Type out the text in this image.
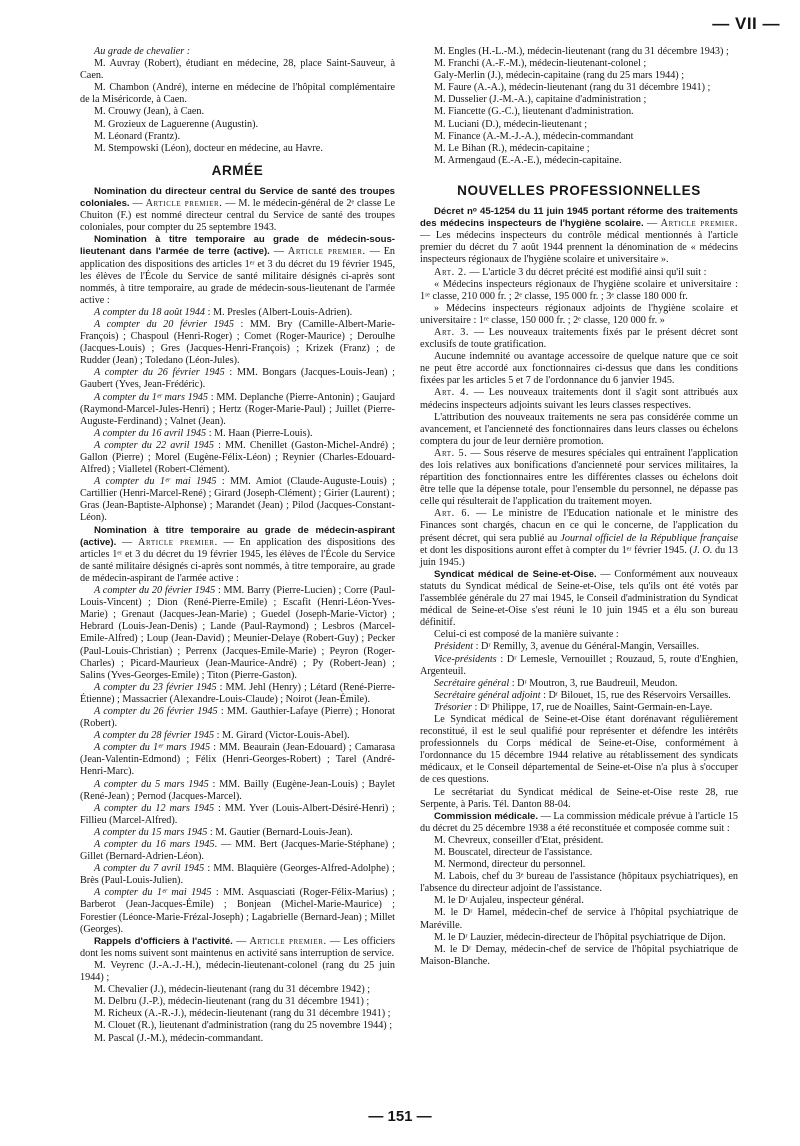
— VII —

Au grade de chevalier :

M. Auvray (Robert), étudiant en médecine, 28, place Saint-Sauveur, à Caen.

M. Chambon (André), interne en médecine de l'hôpital complémentaire de la Miséricorde, à Caen.

M. Crouwy (Jean), à Caen.

M. Grozieux de Laguerenne (Augustin).

M. Léonard (Frantz).

M. Stempowski (Léon), docteur en médecine, au Havre.

ARMÉE

Nomination du directeur central du Service de santé des troupes coloniales. — Article premier. — M. le médecin-général de 2ᵉ classe Le Chuiton (F.) est nommé directeur central du Service de santé des troupes coloniales, pour compter du 25 septembre 1943.

Nomination à titre temporaire au grade de médecin-sous-lieutenant dans l'armée de terre (active). — Article premier. — En application des dispositions des articles 1ᵉʳ et 3 du décret du 19 février 1945, les élèves de l'École du Service de santé militaire désignés ci-après sont nommés, à titre temporaire, au grade de médecin-sous-lieutenant de l'armée active :

A compter du 18 août 1944 : M. Presles (Albert-Louis-Adrien).

A compter du 20 février 1945 : MM. Bry (Camille-Albert-Marie-François) ; Chaspoul (Henri-Roger) ; Comet (Roger-Maurice) ; Deroulhe (Jacques-Louis) ; Gres (Jacques-Henri-François) ; Krizek (Franz) ; de Rudder (Jean) ; Toledano (Léon-Jules).

A compter du 26 février 1945 : MM. Bongars (Jacques-Louis-Jean) ; Gaubert (Yves, Jean-Frédéric).

A compter du 1ᵉʳ mars 1945 : MM. Deplanche (Pierre-Antonin) ; Gaujard (Raymond-Marcel-Jules-Henri) ; Hertz (Roger-Marie-Paul) ; Juillet (Pierre-Auguste-Ferdinand) ; Valnet (Jean).

A compter du 16 avril 1945 : M. Haan (Pierre-Louis).

A compter du 22 avril 1945 : MM. Chenillet (Gaston-Michel-André) ; Gallon (Pierre) ; Morel (Eugène-Félix-Léon) ; Reynier (Charles-Edouard-Alfred) ; Vialletel (Robert-Clément).

A compter du 1ᵉʳ mai 1945 : MM. Amiot (Claude-Auguste-Louis) ; Cartillier (Henri-Marcel-René) ; Girard (Joseph-Clément) ; Girier (Laurent) ; Gras (Jean-Baptiste-Alphonse) ; Marandet (Jean) ; Pilod (Jacques-Constant-Léon).

Nomination à titre temporaire au grade de médecin-aspirant (active). — Article premier. — En application des dispositions des articles 1ᵉʳ et 3 du décret du 19 février 1945, les élèves de l'École du Service de santé militaire désignés ci-après sont nommés, à titre temporaire, au grade de médecin-aspirant de l'armée active :

A compter du 20 février 1945 : MM. Barry (Pierre-Lucien) ; Corre (Paul-Louis-Vincent) ; Dion (René-Pierre-Emile) ; Escafit (Henri-Léon-Yves-Marie) ; Grenaut (Jacques-Jean-Marie) ; Guedel (Joseph-Marie-Victor) ; Hebrard (Louis-Jean-Denis) ; Lande (Paul-Raymond) ; Lesbros (Marcel-Emile-Alfred) ; Loup (Jean-David) ; Meunier-Delaye (Robert-Guy) ; Pecker (Paul-Louis-Christian) ; Perrenx (Jacques-Emile-Marie) ; Peyron (Roger-Charles) ; Picard-Maurieux (Jean-Maurice-André) ; Py (Robert-Jean) ; Salins (Yves-Georges-Emile) ; Titon (Pierre-Gaston).

A compter du 23 février 1945 : MM. Jehl (Henry) ; Létard (René-Pierre-Étienne) ; Massacrier (Alexandre-Louis-Claude) ; Noirot (Jean-Émile).

A compter du 26 février 1945 : MM. Gauthier-Lafaye (Pierre) ; Honorat (Robert).

A compter du 28 février 1945 : M. Girard (Victor-Louis-Abel).

A compter du 1ᵉʳ mars 1945 : MM. Beaurain (Jean-Edouard) ; Camarasa (Jean-Valentin-Edmond) ; Félix (Henri-Georges-Robert) ; Tarel (André-Henri-Marc).

A compter du 5 mars 1945 : MM. Bailly (Eugène-Jean-Louis) ; Baylet (René-Jean) ; Pernod (Jacques-Marcel).

A compter du 12 mars 1945 : MM. Yver (Louis-Albert-Désiré-Henri) ; Fillieu (Marcel-Alfred).

A compter du 15 mars 1945 : M. Gautier (Bernard-Louis-Jean).

A compter du 16 mars 1945. — MM. Bert (Jacques-Marie-Stéphane) ; Gillet (Bernard-Adrien-Léon).

A compter du 7 avril 1945 : MM. Blaquière (Georges-Alfred-Adolphe) ; Brès (Paul-Louis-Julien).

A compter du 1ᵉʳ mai 1945 : MM. Asquasciati (Roger-Félix-Marius) ; Barberot (Jean-Jacques-Émile) ; Bonjean (Michel-Marie-Maurice) ; Forestier (Léonce-Marie-Frézal-Joseph) ; Lagabrielle (Bernard-Jean) ; Millet (Georges).

Rappels d'officiers à l'activité. — Article premier. — Les officiers dont les noms suivent sont maintenus en activité sans interruption de service.

M. Veyrenc (J.-A.-J.-H.), médecin-lieutenant-colonel (rang du 25 juin 1944) ;

M. Chevalier (J.), médecin-lieutenant (rang du 31 décembre 1942) ;

M. Delbru (J.-P.), médecin-lieutenant (rang du 31 décembre 1941) ;

M. Richeux (A.-R.-J.), médecin-lieutenant (rang du 31 décembre 1941) ;

M. Clouet (R.), lieutenant d'administration (rang du 25 novembre 1944) ;

M. Pascal (J.-M.), médecin-commandant.

M. Engles (H.-L.-M.), médecin-lieutenant (rang du 31 décembre 1943) ;

M. Franchi (A.-F.-M.), médecin-lieutenant-colonel ;

Galy-Merlin (J.), médecin-capitaine (rang du 25 mars 1944) ;

M. Faure (A.-A.), médecin-lieutenant (rang du 31 décembre 1941) ;

M. Dusselier (J.-M.-A.), capitaine d'administration ;

M. Fiancette (G.-C.), lieutenant d'administration.

M. Luciani (D.), médecin-lieutenant ;

M. Finance (A.-M.-J.-A.), médecin-commandant

M. Le Bihan (R.), médecin-capitaine ;

M. Armengaud (E.-A.-E.), médecin-capitaine.

NOUVELLES PROFESSIONNELLES

Décret nᵒ 45-1254 du 11 juin 1945 portant réforme des traitements des médecins inspecteurs de l'hygiène scolaire. — Article premier. — Les médecins inspecteurs du contrôle médical mentionnés à l'article premier du décret du 7 août 1944 prennent la dénomination de « médecins inspecteurs régionaux de l'hygiène scolaire et universitaire ».

Art. 2. — L'article 3 du décret précité est modifié ainsi qu'il suit :

« Médecins inspecteurs régionaux de l'hygiène scolaire et universitaire : 1ʳᵉ classe, 210 000 fr. ; 2ᵉ classe, 195 000 fr. ; 3ᵉ classe 180 000 fr.

» Médecins inspecteurs régionaux adjoints de l'hygiène scolaire et universitaire : 1ʳᵉ classe, 150 000 fr. ; 2ᵉ classe, 120 000 fr. »

Art. 3. — Les nouveaux traitements fixés par le présent décret sont exclusifs de toute gratification.

Aucune indemnité ou avantage accessoire de quelque nature que ce soit ne peut être accordé aux fonctionnaires ci-dessus que dans les conditions fixées par les articles 5 et 7 de l'ordonnance du 6 janvier 1945.

Art. 4. — Les nouveaux traitements dont il s'agit sont attribués aux médecins inspecteurs adjoints suivant les leurs classes respectives.

L'attribution des nouveaux traitements ne sera pas considérée comme un avancement, et l'ancienneté des fonctionnaires dans leurs classes ou échelons comptera du jour de leur dernière promotion.

Art. 5. — Sous réserve de mesures spéciales qui entraînent l'application des lois relatives aux bonifications d'ancienneté pour services militaires, la répartition des fonctionnaires entre les différentes classes ou échelons doit être telle que la dépense totale, pour l'ensemble du personnel, ne dépasse pas celle qui résulterait de l'application du traitement moyen.

Art. 6. — Le ministre de l'Education nationale et le ministre des Finances sont chargés, chacun en ce qui le concerne, de l'application du présent décret, qui sera publié au Journal officiel de la République française et dont les dispositions auront effet à compter du 1ᵉʳ février 1945. (J. O. du 13 juin 1945.)

Syndicat médical de Seine-et-Oise. — Conformément aux nouveaux statuts du Syndicat médical de Seine-et-Oise, tels qu'ils ont été votés par l'assemblée générale du 27 mai 1945, le Conseil d'administration du Syndicat médical de Seine-et-Oise s'est réuni le 10 juin 1945 et a élu son bureau définitif.

Celui-ci est composé de la manière suivante :

Président : Dʳ Remilly, 3, avenue du Général-Mangin, Versailles.

Vice-présidents : Dʳ Lemesle, Vernouillet ; Rouzaud, 5, route d'Enghien, Argenteuil.

Secrétaire général : Dʳ Moutron, 3, rue Baudreuil, Meudon.

Secrétaire général adjoint : Dʳ Bilouet, 15, rue des Réservoirs Versailles.

Trésorier : Dʳ Philippe, 17, rue de Noailles, Saint-Germain-en-Laye.

Le Syndicat médical de Seine-et-Oise étant dorénavant régulièrement reconstitué, il est le seul qualifié pour représenter et défendre les intérêts professionnels du Corps médical de Seine-et-Oise, conformément à l'ordonnance du 15 décembre 1944 relative au rétablissement des syndicats médicaux, et le Conseil départemental de Seine-et-Oise n'a plus à s'occuper de ces questions.

Le secrétariat du Syndicat médical de Seine-et-Oise reste 28, rue Serpente, à Paris. Tél. Danton 88-04.

Commission médicale. — La commission médicale prévue à l'article 15 du décret du 25 décembre 1938 a été reconstituée et composée comme suit :

M. Chevreux, conseiller d'Etat, président.

M. Bouscatel, directeur de l'assistance.

M. Nermond, directeur du personnel.

M. Labois, chef du 3ᵉ bureau de l'assistance (hôpitaux psychiatriques), en l'absence du directeur adjoint de l'assistance.

M. le Dʳ Aujaleu, inspecteur général.

M. le Dʳ Hamel, médecin-chef de service à l'hôpital psychiatrique de Maréville.

M. le Dʳ Lauzier, médecin-directeur de l'hôpital psychiatrique de Dijon.

M. le Dʳ Demay, médecin-chef de service de l'hôpital psychiatrique de Maison-Blanche.

— 151 —
